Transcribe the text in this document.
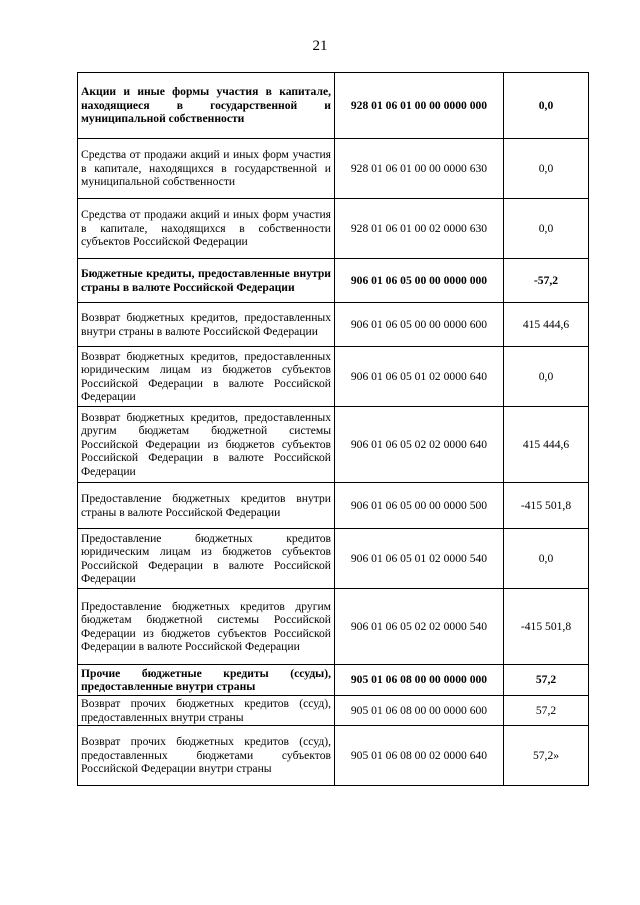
21
Акции и иные формы участия в капитале, находящиеся в государственной и муниципальной собственности	928 01 06 01 00 00 0000 000	0,0
Средства от продажи акций и иных форм участия в капитале, находящихся в государственной и муниципальной собственности	928 01 06 01 00 00 0000 630	0,0
Средства от продажи акций и иных форм участия в капитале, находящихся в собственности субъектов Российской Федерации	928 01 06 01 00 02 0000 630	0,0
Бюджетные кредиты, предоставленные внутри страны в валюте Российской Федерации	906 01 06 05 00 00 0000 000	-57,2
Возврат бюджетных кредитов, предоставленных внутри страны в валюте Российской Федерации	906 01 06 05 00 00 0000 600	415 444,6
Возврат бюджетных кредитов, предоставленных юридическим лицам из бюджетов субъектов Российской Федерации в валюте Российской Федерации	906 01 06 05 01 02 0000 640	0,0
Возврат бюджетных кредитов, предоставленных другим бюджетам бюджетной системы Российской Федерации из бюджетов субъектов Российской Федерации в валюте Российской Федерации	906 01 06 05 02 02 0000 640	415 444,6
Предоставление бюджетных кредитов внутри страны в валюте Российской Федерации	906 01 06 05 00 00 0000 500	-415 501,8
Предоставление бюджетных кредитов юридическим лицам из бюджетов субъектов Российской Федерации в валюте Российской Федерации	906 01 06 05 01 02 0000 540	0,0
Предоставление бюджетных кредитов другим бюджетам бюджетной системы Российской Федерации из бюджетов субъектов Российской Федерации в валюте Российской Федерации	906 01 06 05 02 02 0000 540	-415 501,8
Прочие бюджетные кредиты (ссуды), предоставленные внутри страны	905 01 06 08 00 00 0000 000	57,2
Возврат прочих бюджетных кредитов (ссуд), предоставленных внутри страны	905 01 06 08 00 00 0000 600	57,2
Возврат прочих бюджетных кредитов (ссуд), предоставленных бюджетами субъектов Российской Федерации внутри страны	905 01 06 08 00 02 0000 640	57,2»
